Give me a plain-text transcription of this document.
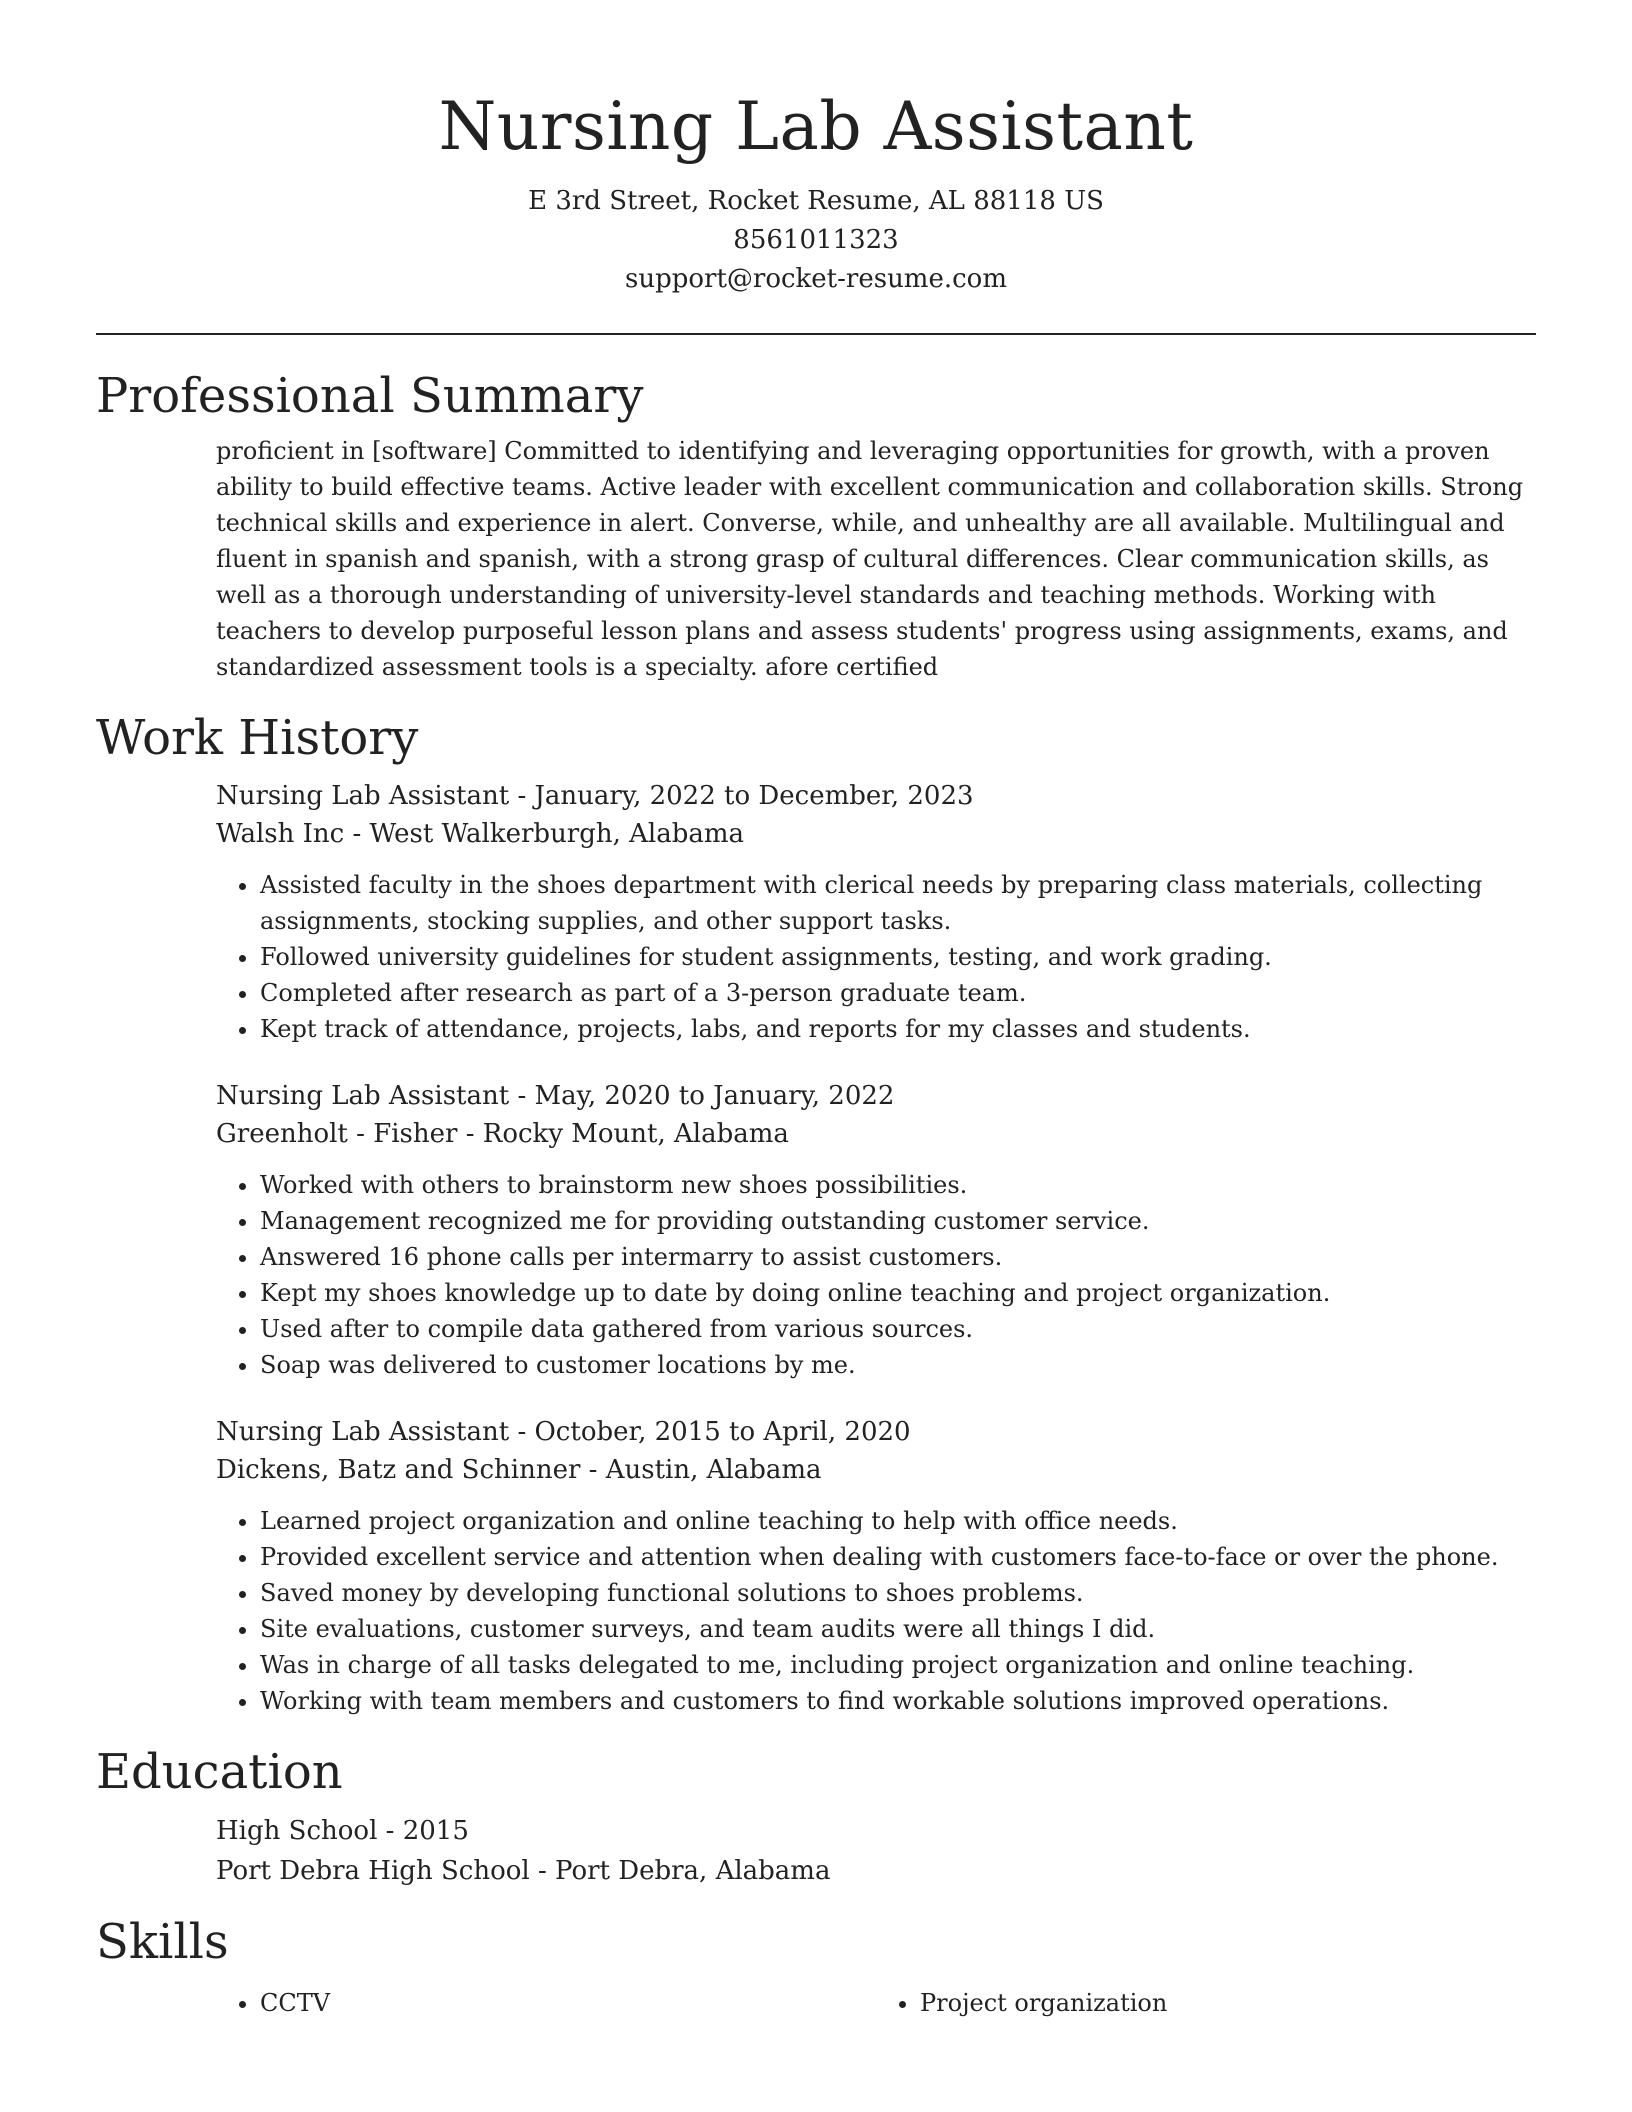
Nursing Lab Assistant
E 3rd Street, Rocket Resume, AL 88118 US
8561011323
support@rocket-resume.com
Professional Summary

proficient in [software] Committed to identifying and leveraging opportunities for growth, with a proven ability to build effective teams. Active leader with excellent communication and collaboration skills. Strong technical skills and experience in alert. Converse, while, and unhealthy are all available. Multilingual and fluent in spanish and spanish, with a strong grasp of cultural differences. Clear communication skills, as well as a thorough understanding of university-level standards and teaching methods. Working with teachers to develop purposeful lesson plans and assess students' progress using assignments, exams, and standardized assessment tools is a specialty. afore certified

Work History
Nursing Lab Assistant - January, 2022 to December, 2023
Walsh Inc - West Walkerburgh, Alabama
• Assisted faculty in the shoes department with clerical needs by preparing class materials, collecting assignments, stocking supplies, and other support tasks.
• Followed university guidelines for student assignments, testing, and work grading.
• Completed after research as part of a 3-person graduate team.
• Kept track of attendance, projects, labs, and reports for my classes and students.
Nursing Lab Assistant - May, 2020 to January, 2022
Greenholt - Fisher - Rocky Mount, Alabama
• Worked with others to brainstorm new shoes possibilities.
• Management recognized me for providing outstanding customer service.
• Answered 16 phone calls per intermarry to assist customers.
• Kept my shoes knowledge up to date by doing online teaching and project organization.
• Used after to compile data gathered from various sources.
• Soap was delivered to customer locations by me.
Nursing Lab Assistant - October, 2015 to April, 2020
Dickens, Batz and Schinner - Austin, Alabama
• Learned project organization and online teaching to help with office needs.
• Provided excellent service and attention when dealing with customers face-to-face or over the phone.
• Saved money by developing functional solutions to shoes problems.
• Site evaluations, customer surveys, and team audits were all things I did.
• Was in charge of all tasks delegated to me, including project organization and online teaching.
• Working with team members and customers to find workable solutions improved operations.
Education
High School - 2015
Port Debra High School - Port Debra, Alabama
Skills
• CCTV
•	Project organization
